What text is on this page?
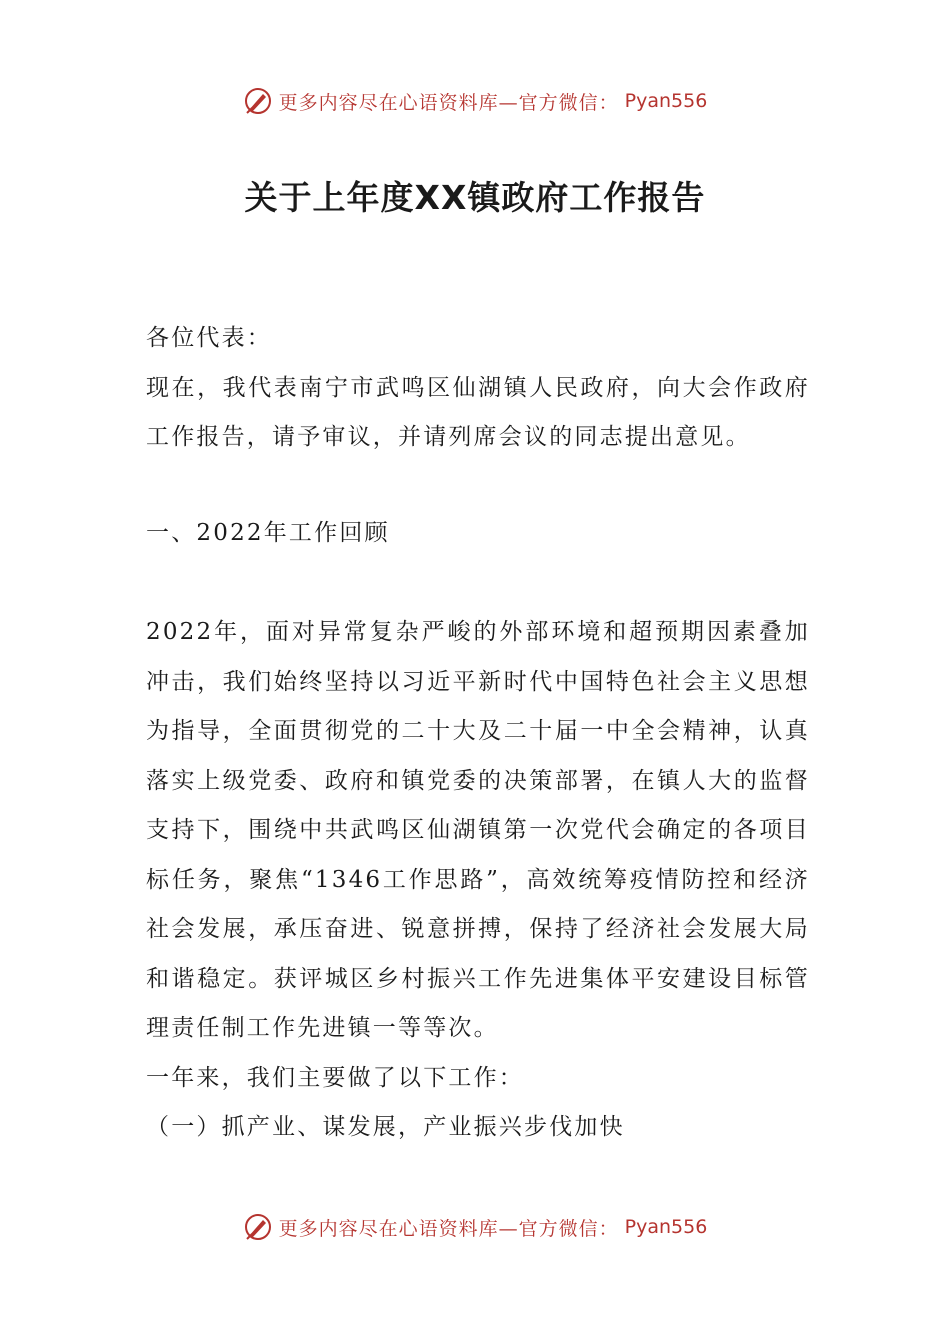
更多内容尽在心语资料库—官方微信： Pyan556
关于上年度XX镇政府工作报告

各位代表：

现在，我代表南宁市武鸣区仙湖镇人民政府，向大会作政府工作报告，请予审议，并请列席会议的同志提出意见。

一、2022年工作回顾

2022年，面对异常复杂严峻的外部环境和超预期因素叠加冲击，我们始终坚持以习近平新时代中国特色社会主义思想为指导，全面贯彻党的二十大及二十届一中全会精神，认真落实上级党委、政府和镇党委的决策部署，在镇人大的监督支持下，围绕中共武鸣区仙湖镇第一次党代会确定的各项目标任务，聚焦“1346工作思路”，高效统筹疫情防控和经济社会发展，承压奋进、锐意拼搏，保持了经济社会发展大局和谐稳定。获评城区乡村振兴工作先进集体平安建设目标管理责任制工作先进镇一等等次。

一年来，我们主要做了以下工作：

（一）抓产业、谋发展，产业振兴步伐加快

更多内容尽在心语资料库—官方微信： Pyan556
